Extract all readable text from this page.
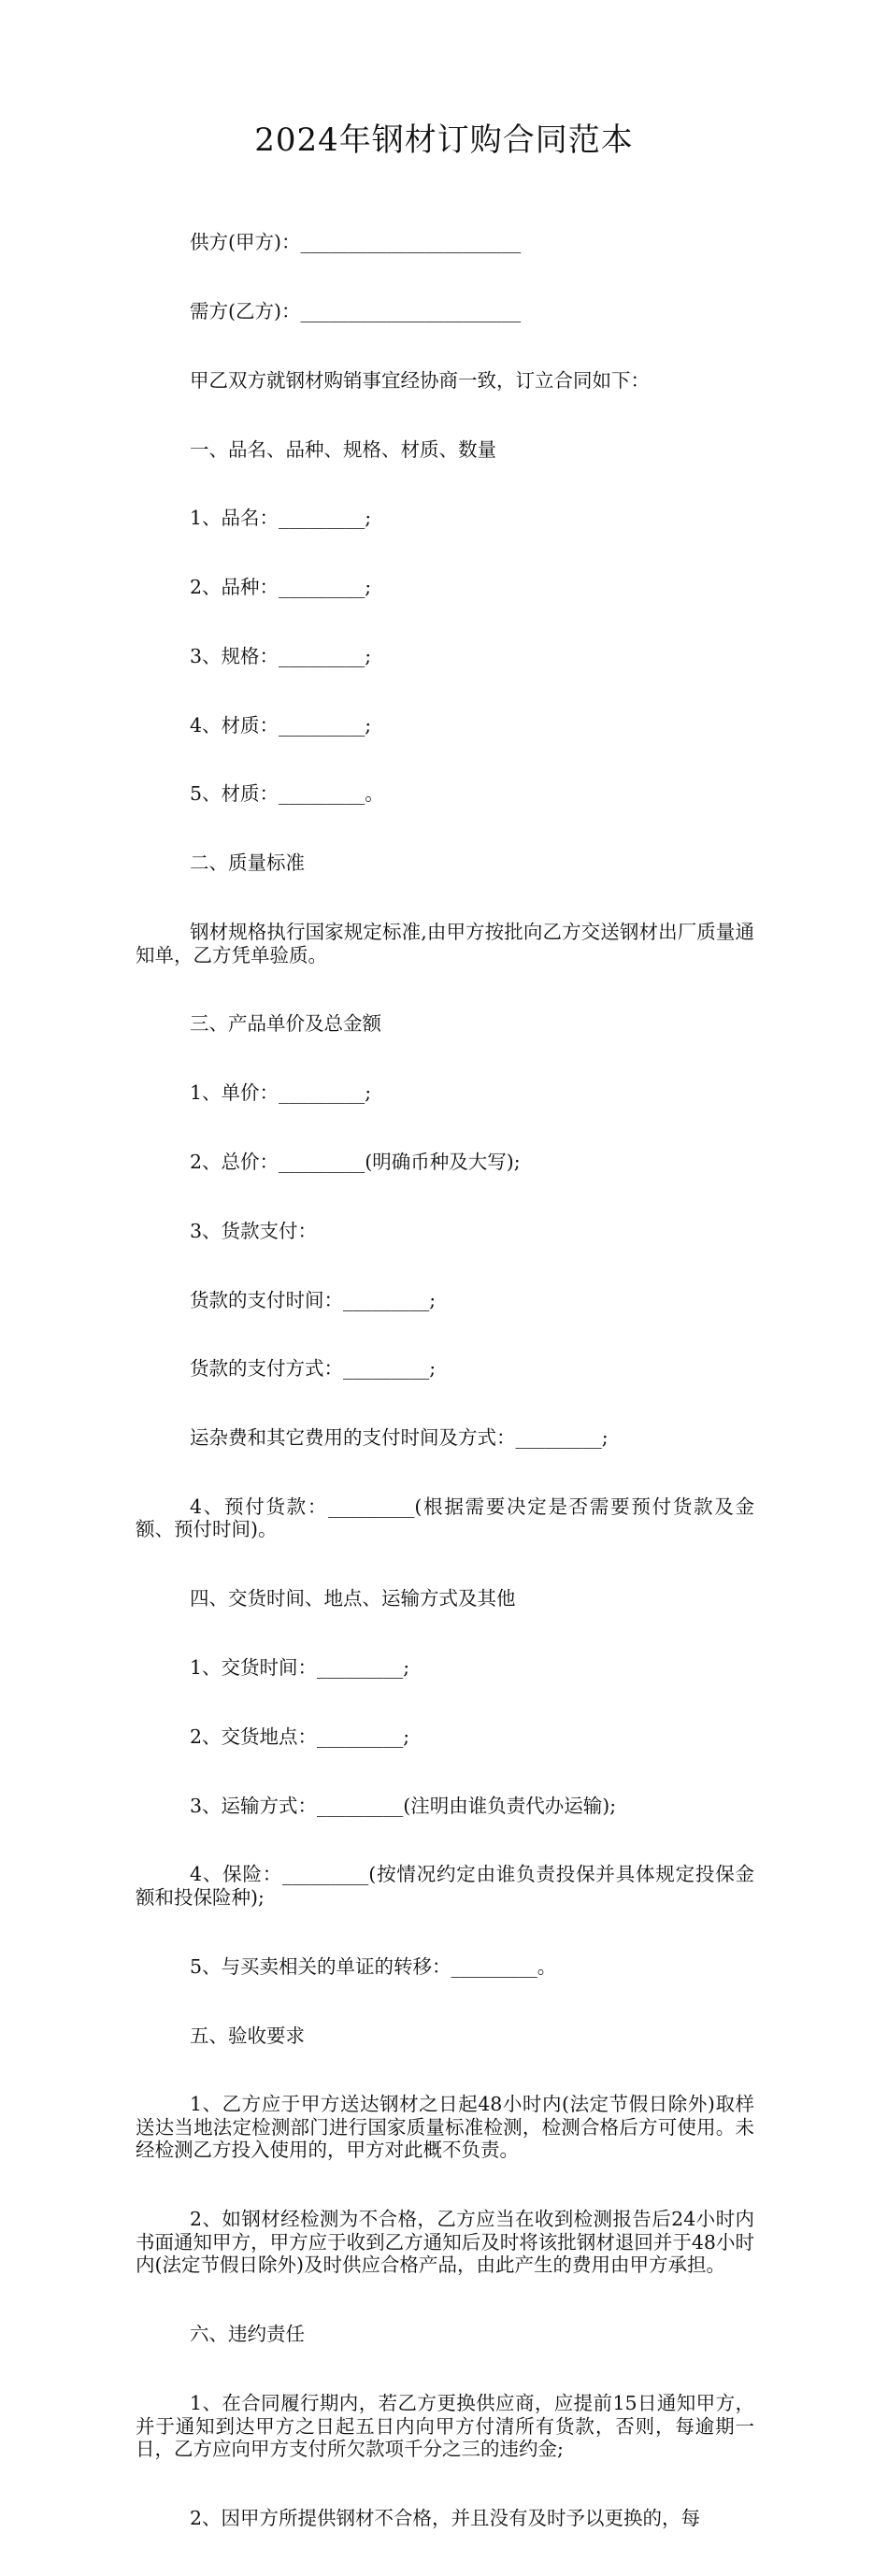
2024年钢材订购合同范本

供方(甲方)：_______________________

需方(乙方)：_______________________

甲乙双方就钢材购销事宜经协商一致，订立合同如下：

一、品名、品种、规格、材质、数量

1、品名：_________;

2、品种：_________;

3、规格：_________;

4、材质：_________;

5、材质：_________。

二、质量标准

钢材规格执行国家规定标准,由甲方按批向乙方交送钢材出厂质量通知单，乙方凭单验质。

三、产品单价及总金额

1、单价：_________;

2、总价：_________(明确币种及大写);

3、货款支付：

货款的支付时间：_________;

货款的支付方式：_________;

运杂费和其它费用的支付时间及方式：_________;

4、预付货款：_________(根据需要决定是否需要预付货款及金额、预付时间)。

四、交货时间、地点、运输方式及其他

1、交货时间：_________;

2、交货地点：_________;

3、运输方式：_________(注明由谁负责代办运输);

4、保险：_________(按情况约定由谁负责投保并具体规定投保金额和投保险种);

5、与买卖相关的单证的转移：_________。

五、验收要求

1、乙方应于甲方送达钢材之日起48小时内(法定节假日除外)取样送达当地法定检测部门进行国家质量标准检测，检测合格后方可使用。未经检测乙方投入使用的，甲方对此概不负责。

2、如钢材经检测为不合格，乙方应当在收到检测报告后24小时内书面通知甲方，甲方应于收到乙方通知后及时将该批钢材退回并于48小时内(法定节假日除外)及时供应合格产品，由此产生的费用由甲方承担。

六、违约责任

1、在合同履行期内，若乙方更换供应商，应提前15日通知甲方，并于通知到达甲方之日起五日内向甲方付清所有货款，否则，每逾期一日，乙方应向甲方支付所欠款项千分之三的违约金;

2、因甲方所提供钢材不合格，并且没有及时予以更换的，每
